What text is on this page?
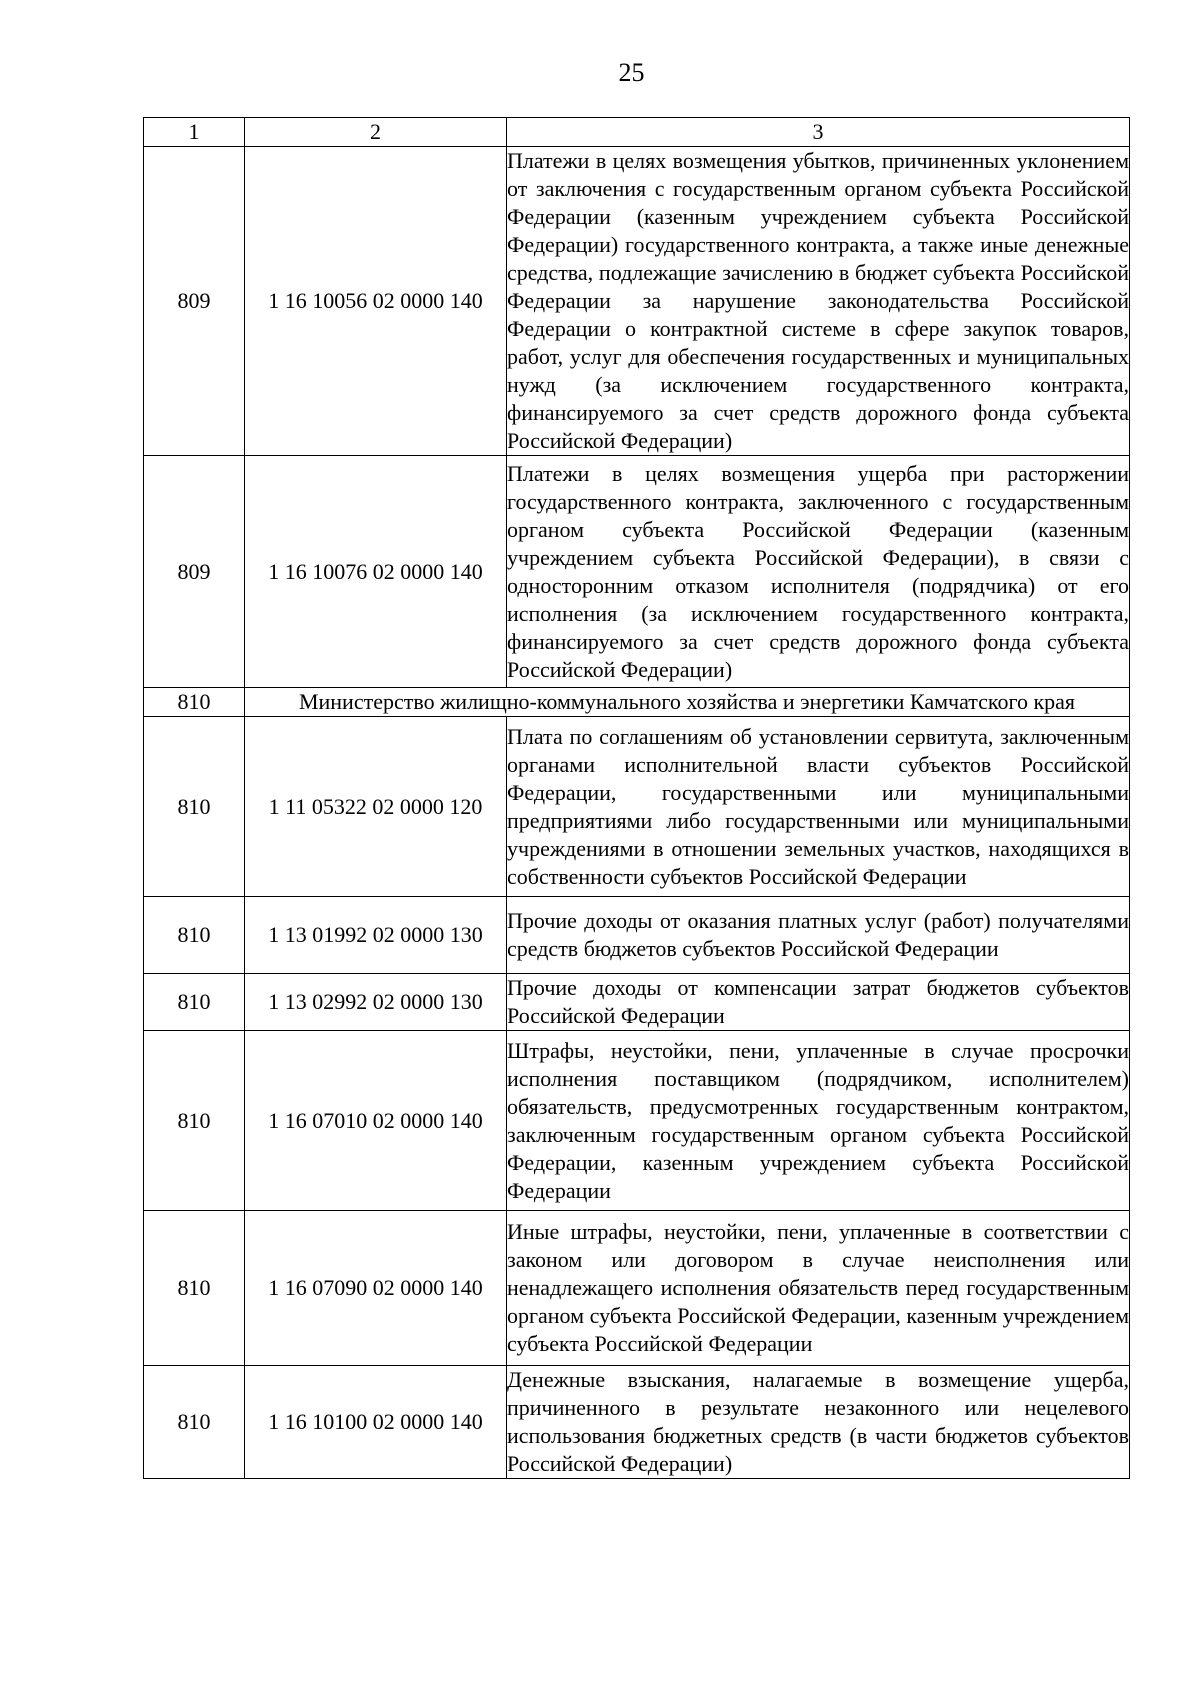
25
1	2	3
809	1 16 10056 02 0000 140	Платежи в целях возмещения убытков, причиненных уклонением от заключения с государственным органом субъекта Российской Федерации (казенным учреждением субъекта Российской Федерации) государственного контракта, а также иные денежные средства, подлежащие зачислению в бюджет субъекта Российской Федерации за нарушение законодательства Российской Федерации о контрактной системе в сфере закупок товаров, работ, услуг для обеспечения государственных и муниципальных нужд (за исключением государственного контракта, финансируемого за счет средств дорожного фонда субъекта Российской Федерации)
809	1 16 10076 02 0000 140	Платежи в целях возмещения ущерба при расторжении государственного контракта, заключенного с государственным органом субъекта Российской Федерации (казенным учреждением субъекта Российской Федерации), в связи с односторонним отказом исполнителя (подрядчика) от его исполнения (за исключением государственного контракта, финансируемого за счет средств дорожного фонда субъекта Российской Федерации)
810	Министерство жилищно-коммунального хозяйства и энергетики Камчатского края	
810	1 11 05322 02 0000 120	Плата по соглашениям об установлении сервитута, заключенным органами исполнительной власти субъектов Российской Федерации, государственными или муниципальными предприятиями либо государственными или муниципальными учреждениями в отношении земельных участков, находящихся в собственности субъектов Российской Федерации
810	1 13 01992 02 0000 130	Прочие доходы от оказания платных услуг (работ) получателями средств бюджетов субъектов Российской Федерации
810	1 13 02992 02 0000 130	Прочие доходы от компенсации затрат бюджетов субъектов Российской Федерации
810	1 16 07010 02 0000 140	Штрафы, неустойки, пени, уплаченные в случае просрочки исполнения поставщиком (подрядчиком, исполнителем) обязательств, предусмотренных государственным контрактом, заключенным государственным органом субъекта Российской Федерации, казенным учреждением субъекта Российской Федерации
810	1 16 07090 02 0000 140	Иные штрафы, неустойки, пени, уплаченные в соответствии с законом или договором в случае неисполнения или ненадлежащего исполнения обязательств перед государственным органом субъекта Российской Федерации, казенным учреждением субъекта Российской Федерации
810	1 16 10100 02 0000 140	Денежные взыскания, налагаемые в возмещение ущерба, причиненного в результате незаконного или нецелевого использования бюджетных средств (в части бюджетов субъектов Российской Федерации)
